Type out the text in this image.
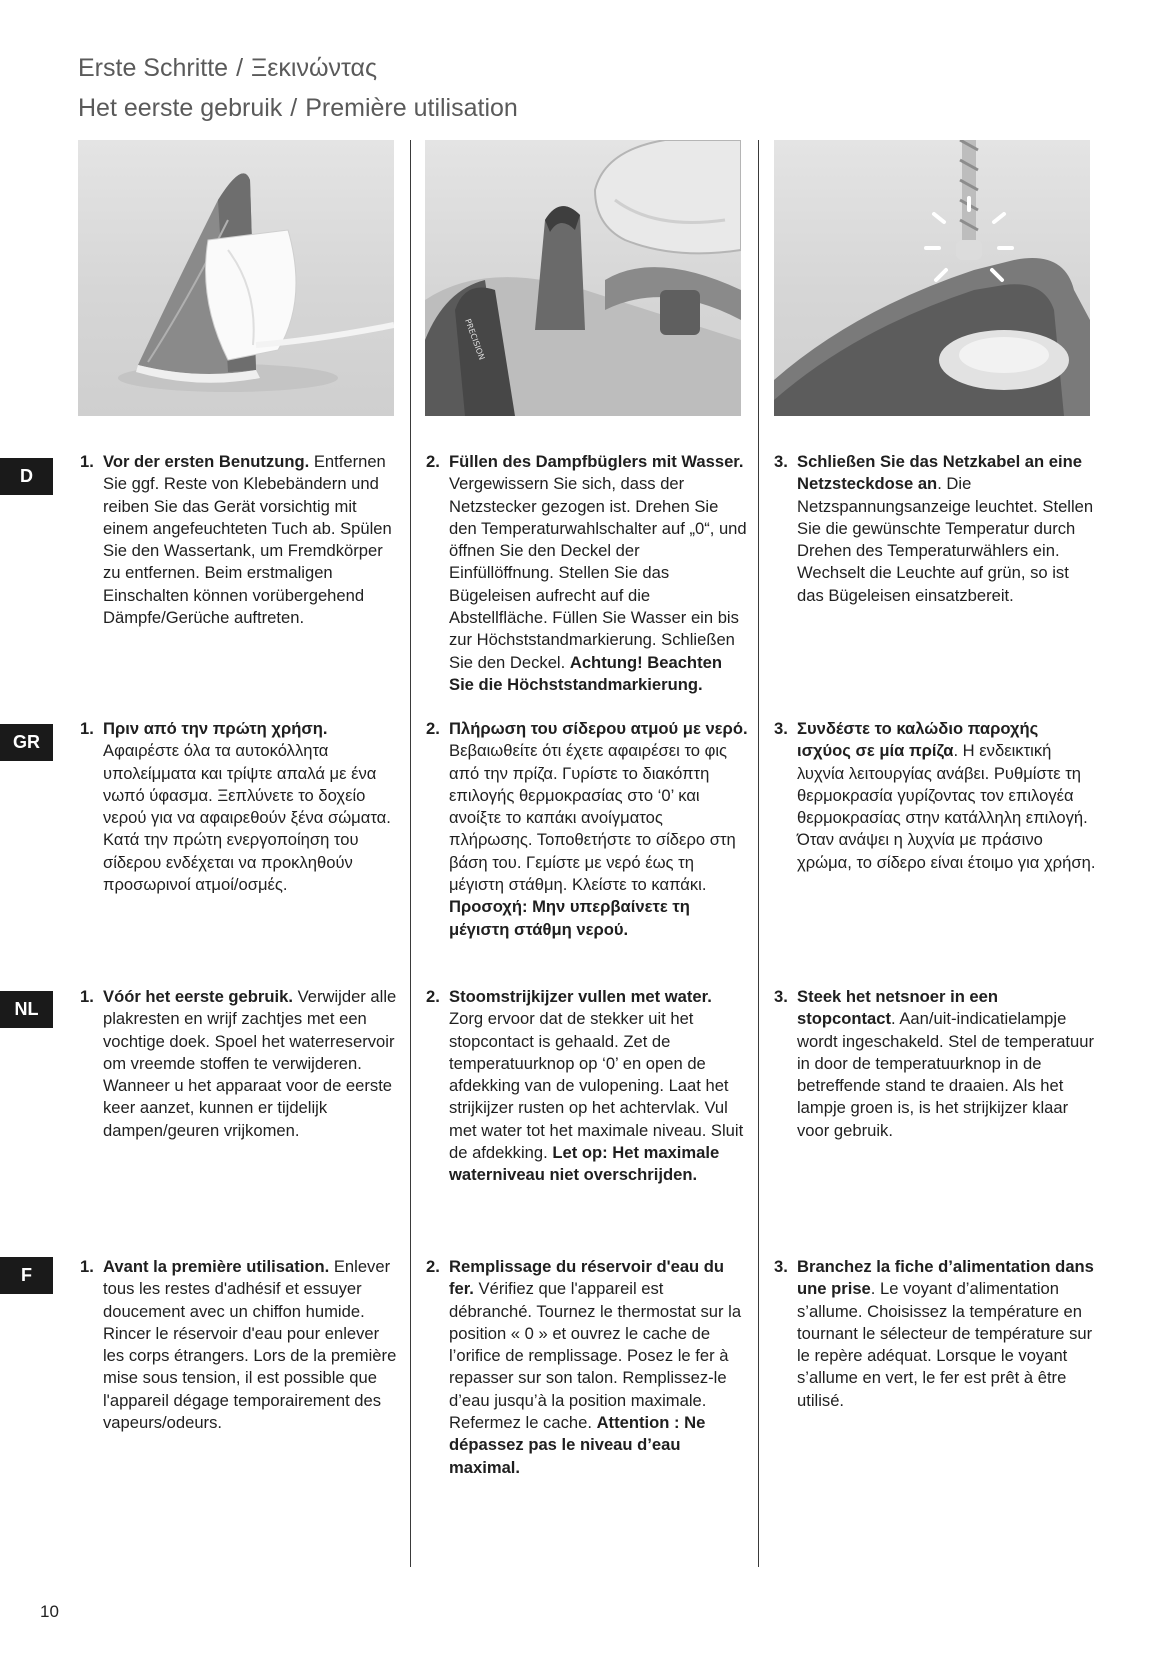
Erste Schritte / Ξεκινώντας
Het eerste gebruik / Première utilisation
PRECISION
D
GR
NL
F
1. Vor der ersten Benutzung. Entfernen Sie ggf. Reste von Klebebändern und reiben Sie das Gerät vorsichtig mit einem angefeuchteten Tuch ab. Spülen Sie den Wassertank, um Fremdkörper zu entfernen. Beim erstmaligen Einschalten können vorübergehend Dämpfe/Gerüche auftreten.
2. Füllen des Dampfbüglers mit Wasser. Vergewissern Sie sich, dass der Netzstecker gezogen ist. Drehen Sie den Temperaturwahlschalter auf „0“, und öffnen Sie den Deckel der Einfüllöffnung. Stellen Sie das Bügeleisen aufrecht auf die Abstellfläche. Füllen Sie Wasser ein bis zur Höchststandmarkierung. Schließen Sie den Deckel. Achtung! Beachten Sie die Höchststandmarkierung.
3. Schließen Sie das Netzkabel an eine Netzsteckdose an. Die Netzspannungsanzeige leuchtet. Stellen Sie die gewünschte Temperatur durch Drehen des Temperaturwählers ein. Wechselt die Leuchte auf grün, so ist das Bügeleisen einsatzbereit.
1. Πριν από την πρώτη χρήση. Αφαιρέστε όλα τα αυτοκόλλητα υπολείμματα και τρίψτε απαλά με ένα νωπό ύφασμα. Ξεπλύνετε το δοχείο νερού για να αφαιρεθούν ξένα σώματα. Κατά την πρώτη ενεργοποίηση του σίδερου ενδέχεται να προκληθούν προσωρινοί ατμοί/οσμές.
2. Πλήρωση του σίδερου ατμού με νερό. Βεβαιωθείτε ότι έχετε αφαιρέσει το φις από την πρίζα. Γυρίστε το διακόπτη επιλογής θερμοκρασίας στο ‘0’ και ανοίξτε το καπάκι ανοίγματος πλήρωσης. Τοποθετήστε το σίδερο στη βάση του. Γεμίστε με νερό έως τη μέγιστη στάθμη. Κλείστε το καπάκι. Προσοχή: Μην υπερβαίνετε τη μέγιστη στάθμη νερού.
3. Συνδέστε το καλώδιο παροχής ισχύος σε μία πρίζα. Η ενδεικτική λυχνία λειτουργίας ανάβει. Ρυθμίστε τη θερμοκρασία γυρίζοντας τον επιλογέα θερμοκρασίας στην κατάλληλη επιλογή. Όταν ανάψει η λυχνία με πράσινο χρώμα, το σίδερο είναι έτοιμο για χρήση.
1. Vóór het eerste gebruik. Verwijder alle plakresten en wrijf zachtjes met een vochtige doek. Spoel het waterreservoir om vreemde stoffen te verwijderen. Wanneer u het apparaat voor de eerste keer aanzet, kunnen er tijdelijk dampen/geuren vrijkomen.
2. Stoomstrijkijzer vullen met water. Zorg ervoor dat de stekker uit het stopcontact is gehaald. Zet de temperatuurknop op ‘0’ en open de afdekking van de vulopening. Laat het strijkijzer rusten op het achtervlak. Vul met water tot het maximale niveau. Sluit de afdekking. Let op: Het maximale waterniveau niet overschrijden.
3. Steek het netsnoer in een stopcontact. Aan/uit-indicatielampje wordt ingeschakeld. Stel de temperatuur in door de temperatuurknop in de betreffende stand te draaien. Als het lampje groen is, is het strijkijzer klaar voor gebruik.
1. Avant la première utilisation. Enlever tous les restes d'adhésif et essuyer doucement avec un chiffon humide. Rincer le réservoir d'eau pour enlever les corps étrangers. Lors de la première mise sous tension, il est possible que l'appareil dégage temporairement des vapeurs/odeurs.
2. Remplissage du réservoir d'eau du fer. Vérifiez que l'appareil est débranché. Tournez le thermostat sur la position « 0 » et ouvrez le cache de l’orifice de remplissage. Posez le fer à repasser sur son talon. Remplissez-le d’eau jusqu’à la position maximale. Refermez le cache. Attention : Ne dépassez pas le niveau d’eau maximal.
3. Branchez la fiche d’alimentation dans une prise. Le voyant d’alimentation s’allume. Choisissez la température en tournant le sélecteur de température sur le repère adéquat. Lorsque le voyant s’allume en vert, le fer est prêt à être utilisé.
10
